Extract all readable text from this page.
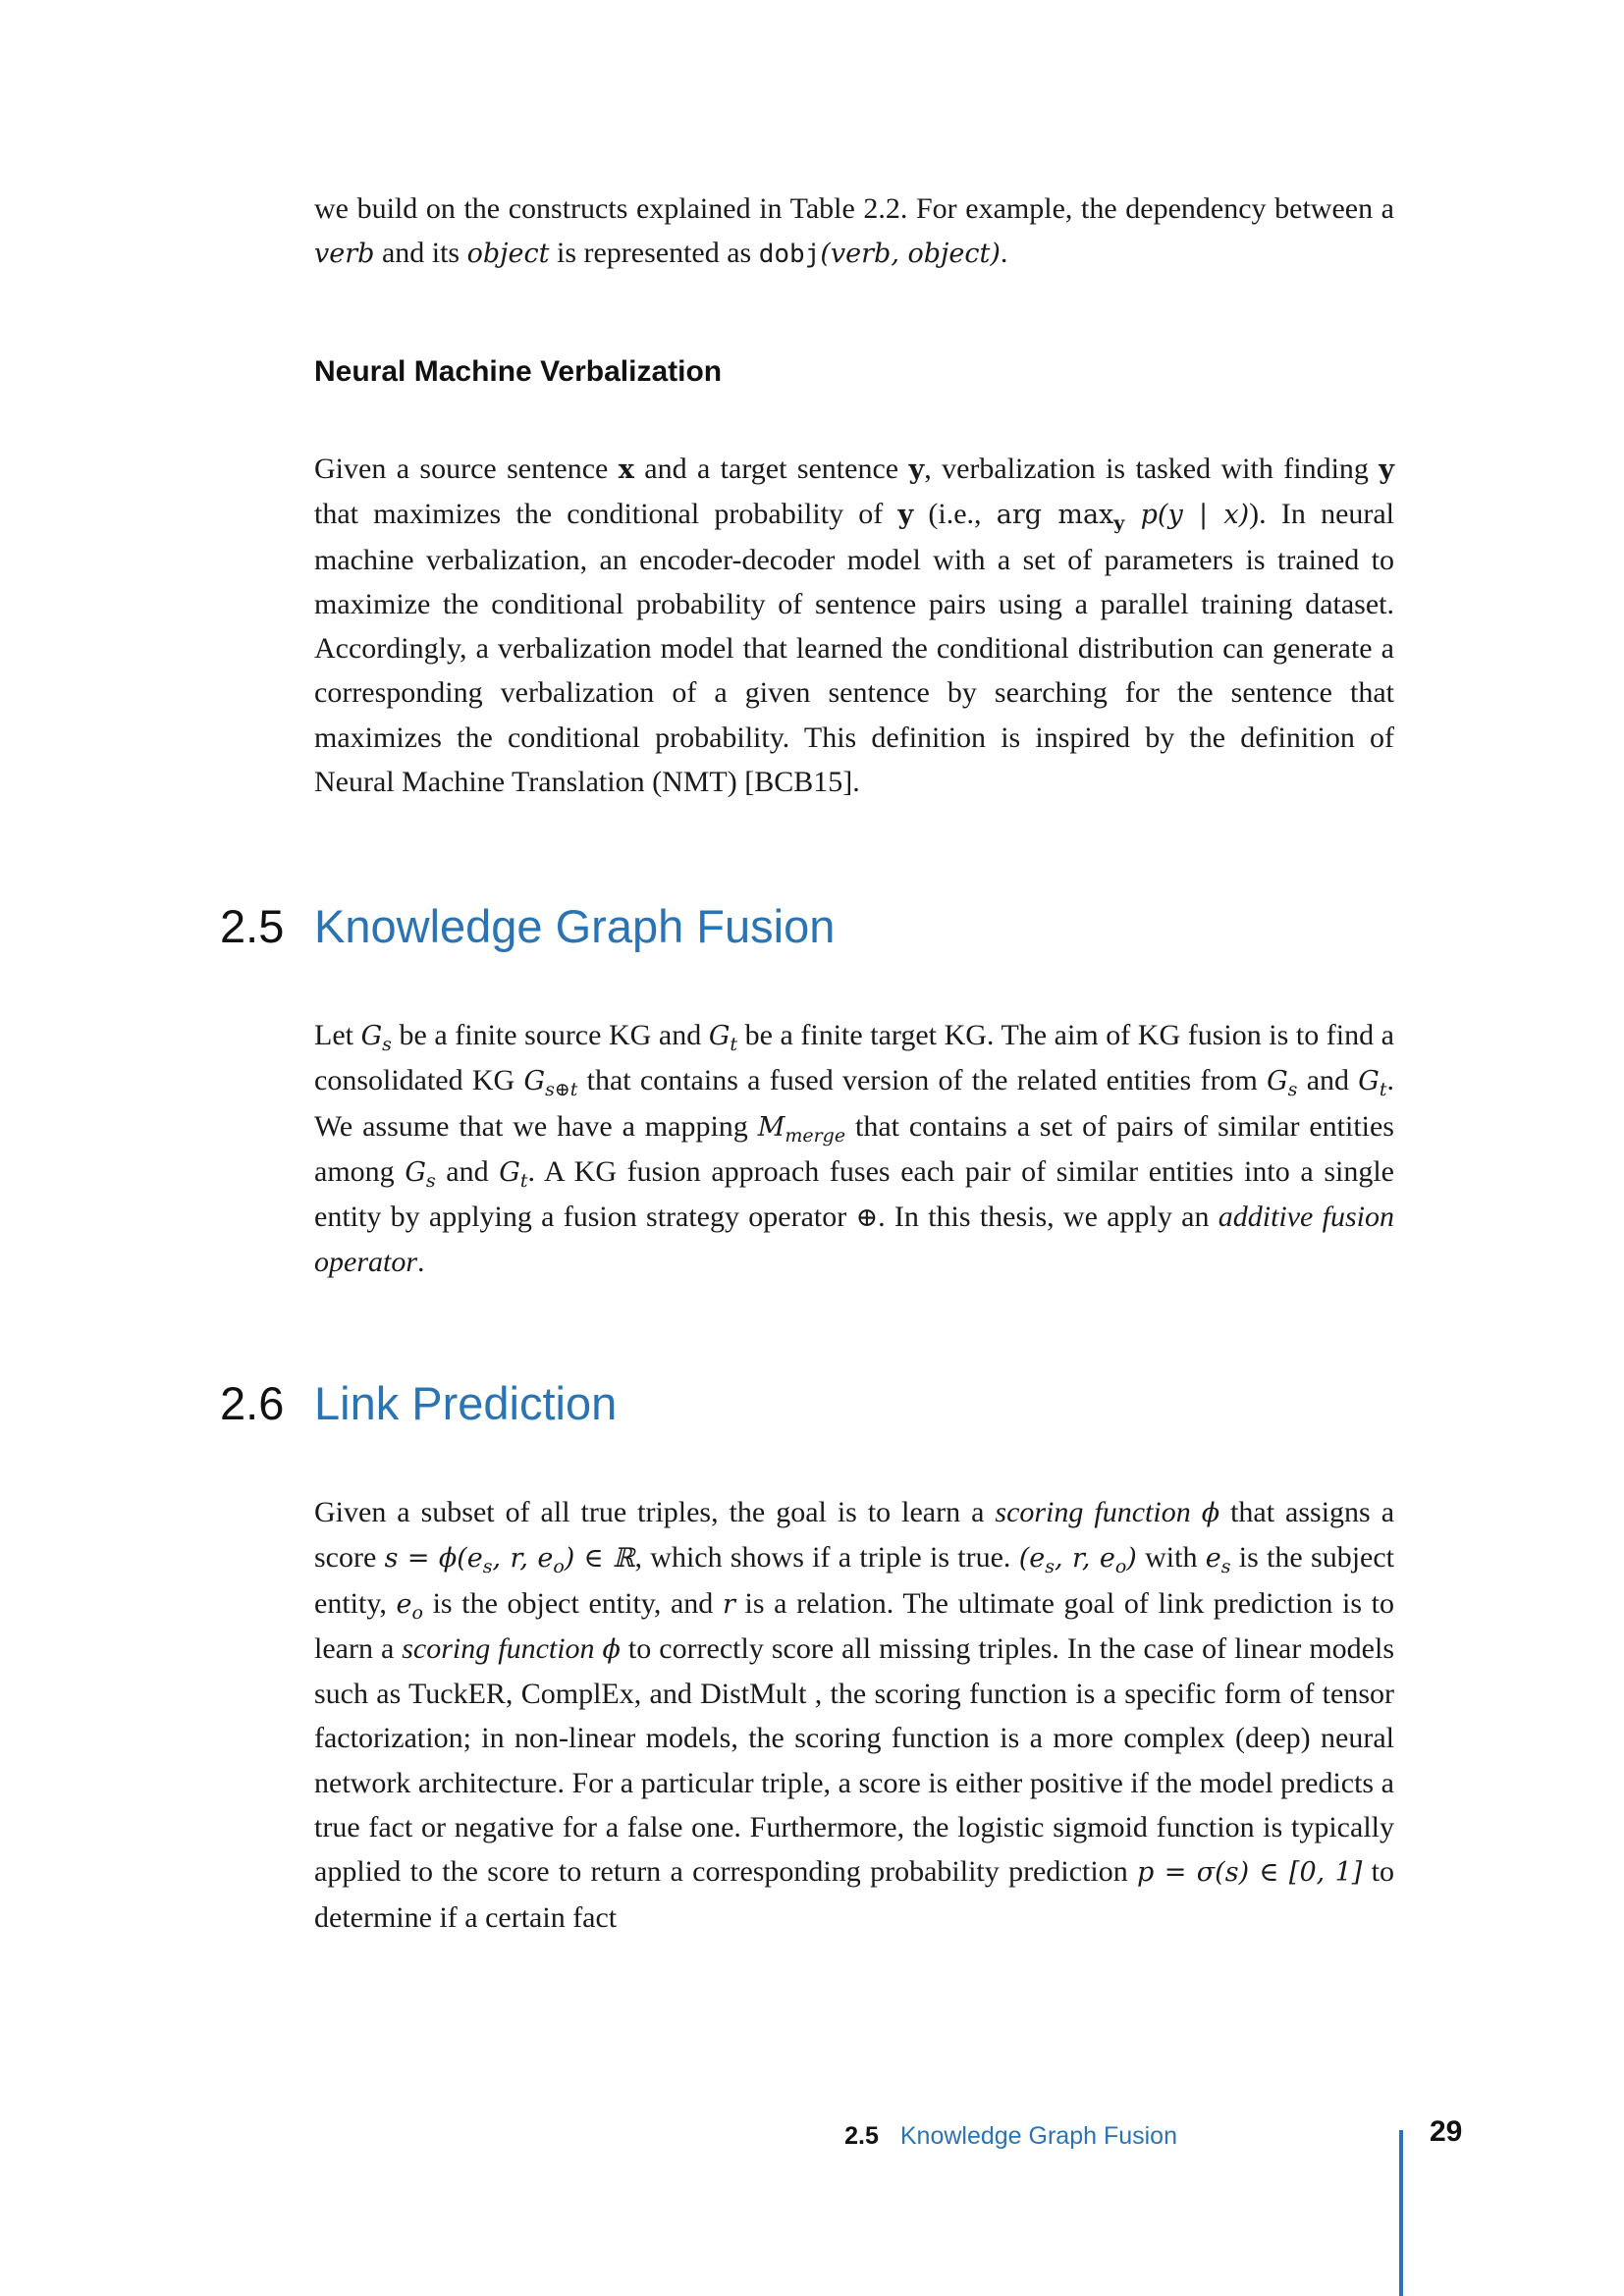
we build on the constructs explained in Table 2.2. For example, the dependency between a verb and its object is represented as dobj(verb, object).

Neural Machine Verbalization

Given a source sentence x and a target sentence y, verbalization is tasked with finding y that maximizes the conditional probability of y (i.e., arg $\max_y p(y$ | x)). In neural machine verbalization, an encoder-decoder model with a set of parameters is trained to maximize the conditional probability of sentence pairs using a parallel training dataset. Accordingly, a verbalization model that learned the conditional distribution can generate a corresponding verbalization of a given sentence by searching for the sentence that maximizes the conditional probability. This definition is inspired by the definition of Neural Machine Translation (NMT) [BCB15].

2.5 Knowledge Graph Fusion

Let $G_s$ be a finite source KG and $G_t$ be a finite target KG. The aim of KG fusion is to find a consolidated KG $G_{s\oplus t}$ that contains a fused version of the related entities from $G_s$ and $G_t$. We assume that we have a mapping $M_{merge}$ that contains a set of pairs of similar entities among $G_s$ and $G_t$. A KG fusion approach fuses each pair of similar entities into a single entity by applying a fusion strategy operator ⊕. In this thesis, we apply an additive fusion operator.

2.6 Link Prediction

Given a subset of all true triples, the goal is to learn a scoring function ϕ that assigns a score $s = \phi(e_s$, r, $e_o$) ∈ ℝ, which shows if a triple is true. ($e_s$, r, $e_o$) with $e_s$ is the subject entity, $e_o$ is the object entity, and r is a relation. The ultimate goal of link prediction is to learn a scoring function ϕ to correctly score all missing triples. In the case of linear models such as TuckER, ComplEx, and DistMult , the scoring function is a specific form of tensor factorization; in non-linear models, the scoring function is a more complex (deep) neural network architecture. For a particular triple, a score is either positive if the model predicts a true fact or negative for a false one. Furthermore, the logistic sigmoid function is typically applied to the score to return a corresponding probability prediction p = σ(s) ∈ [0, 1] to determine if a certain fact

2.5 Knowledge Graph Fusion	29
